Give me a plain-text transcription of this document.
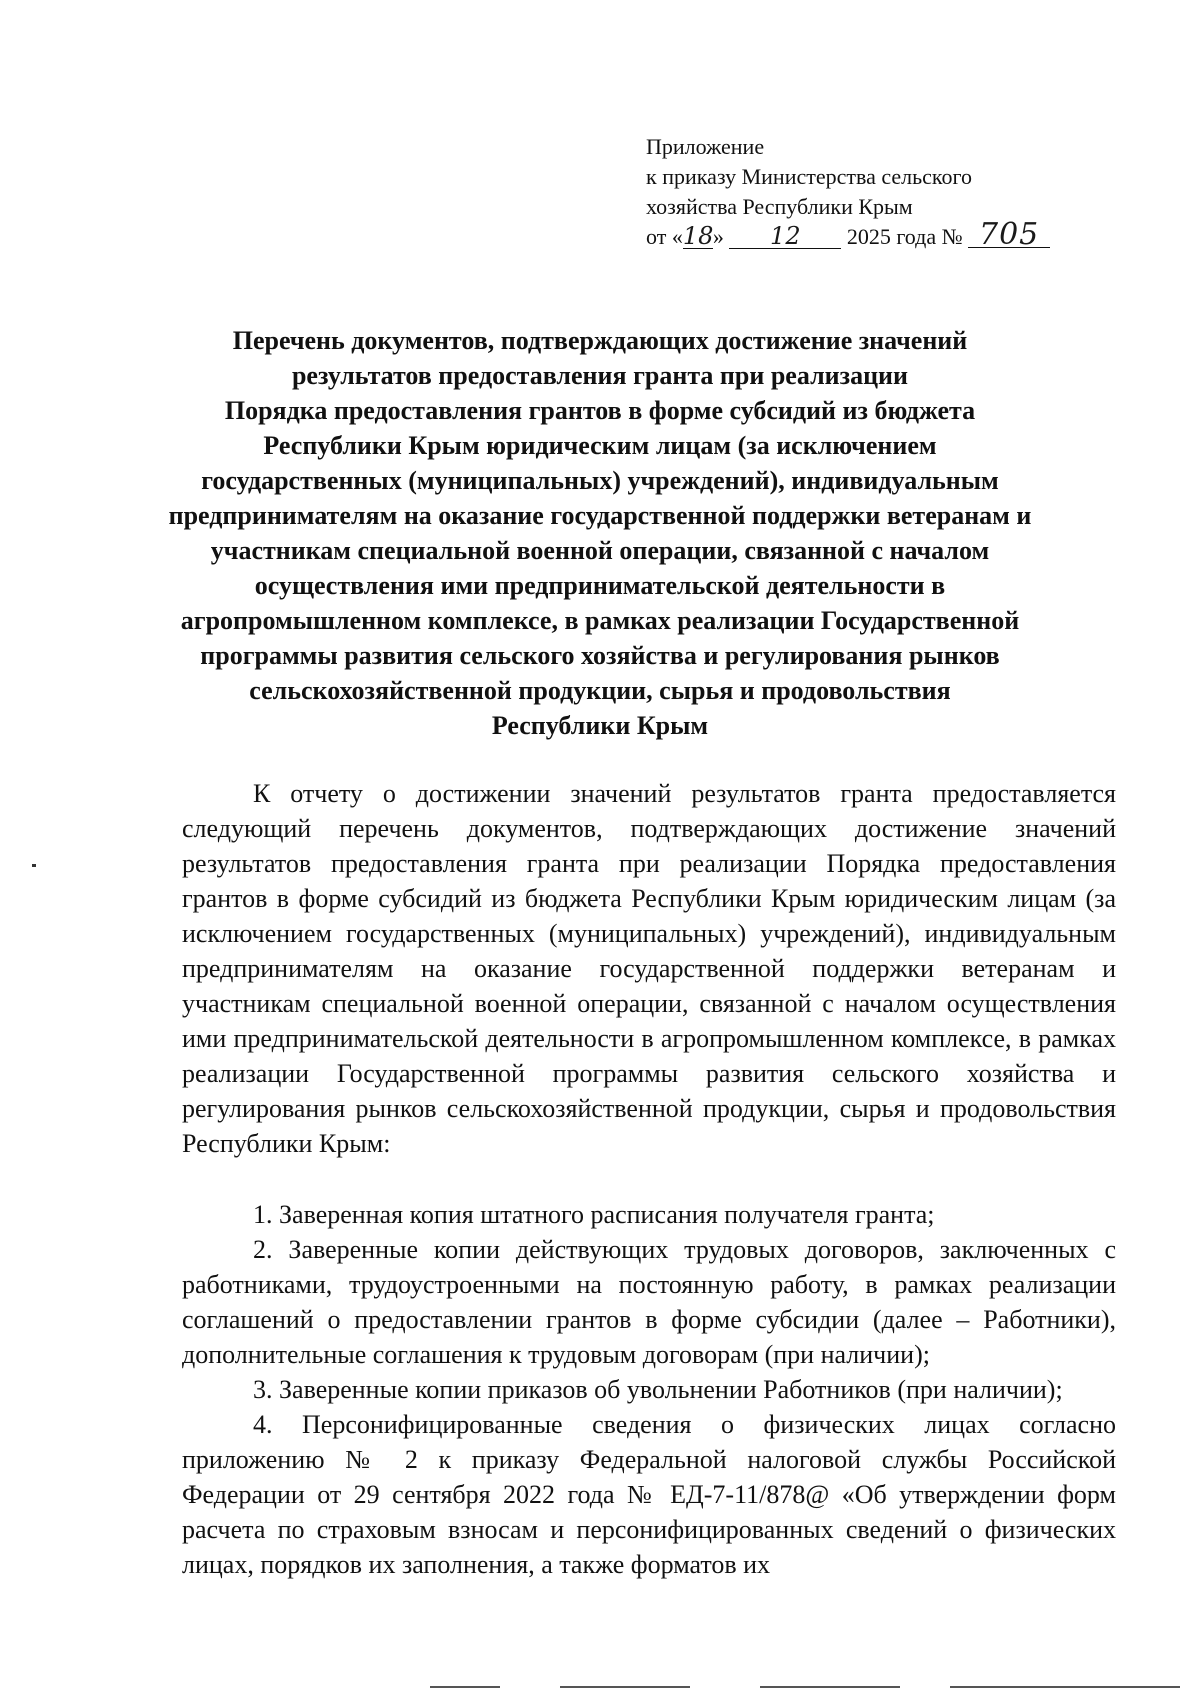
Приложение
к приказу Министерства сельского
хозяйства Республики Крым
от «18» 12 2025 года № 705
Перечень документов, подтверждающих достижение значений
результатов предоставления гранта при реализации
Порядка предоставления грантов в форме субсидий из бюджета
Республики Крым юридическим лицам (за исключением
государственных (муниципальных) учреждений), индивидуальным
предпринимателям на оказание государственной поддержки ветеранам и
участникам специальной военной операции, связанной с началом
осуществления ими предпринимательской деятельности в
агропромышленном комплексе, в рамках реализации Государственной
программы развития сельского хозяйства и регулирования рынков
сельскохозяйственной продукции, сырья и продовольствия
Республики Крым

К отчету о достижении значений результатов гранта предоставляется следующий перечень документов, подтверждающих достижение значений результатов предоставления гранта при реализации Порядка предоставления грантов в форме субсидий из бюджета Республики Крым юридическим лицам (за исключением государственных (муниципальных) учреждений), индивидуальным предпринимателям на оказание государственной поддержки ветеранам и участникам специальной военной операции, связанной с началом осуществления ими предпринимательской деятельности в агропромышленном комплексе, в рамках реализации Государственной программы развития сельского хозяйства и регулирования рынков сельскохозяйственной продукции, сырья и продовольствия Республики Крым:

1. Заверенная копия штатного расписания получателя гранта;

2. Заверенные копии действующих трудовых договоров, заключенных с работниками, трудоустроенными на постоянную работу, в рамках реализации соглашений о предоставлении грантов в форме субсидии (далее – Работники), дополнительные соглашения к трудовым договорам (при наличии);

3. Заверенные копии приказов об увольнении Работников (при наличии);

4. Персонифицированные сведения о физических лицах согласно приложению № 2 к приказу Федеральной налоговой службы Российской Федерации от 29 сентября 2022 года № ЕД-7-11/878@ «Об утверждении форм расчета по страховым взносам и персонифицированных сведений о физических лицах, порядков их заполнения, а также форматов их
